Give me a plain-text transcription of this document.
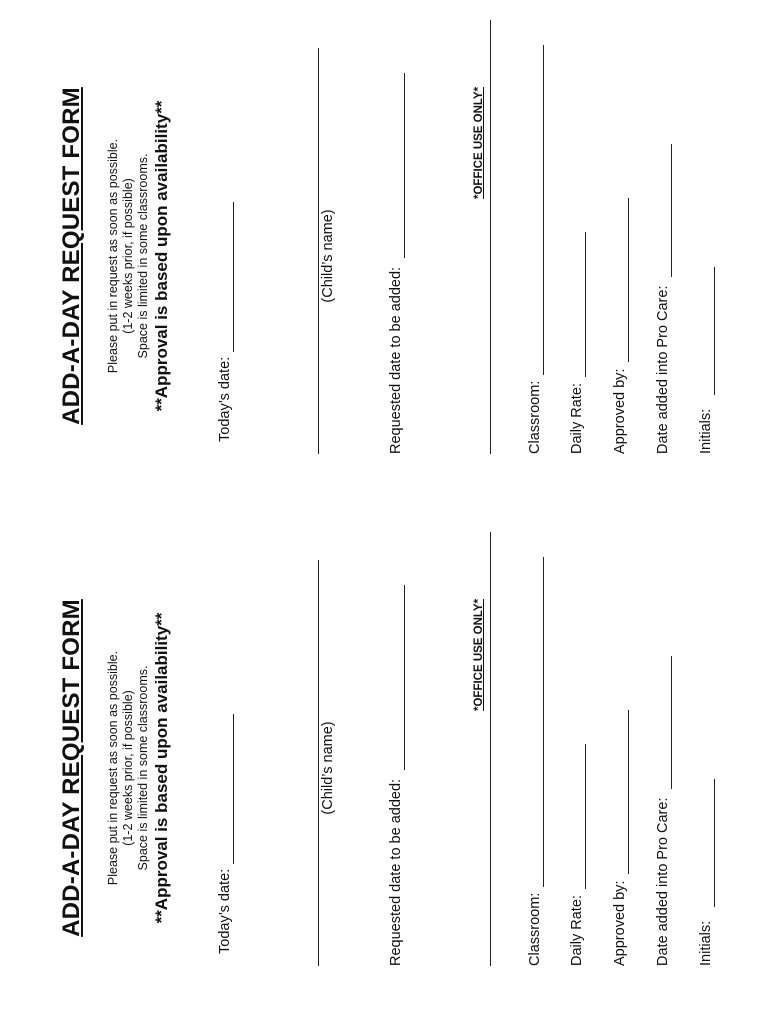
ADD-A-DAY REQUEST FORM Please put in request as soon as possible. (1-2 weeks prior, if possible) Space is limited in some classrooms. **Approval is based upon availability**	Today’s date:
(Child’s name)
Requested date to be added:
*OFFICE USE ONLY*
Classroom: Daily Rate: Approved by: Date added into Pro Care: Initials:
ADD-A-DAY REQUEST FORM Please put in request as soon as possible. (1-2 weeks prior, if possible) Space is limited in some classrooms. **Approval is based upon availability**	Today’s date:
(Child’s name)
Requested date to be added:
*OFFICE USE ONLY*
Classroom: Daily Rate: Approved by: Date added into Pro Care: Initials:
